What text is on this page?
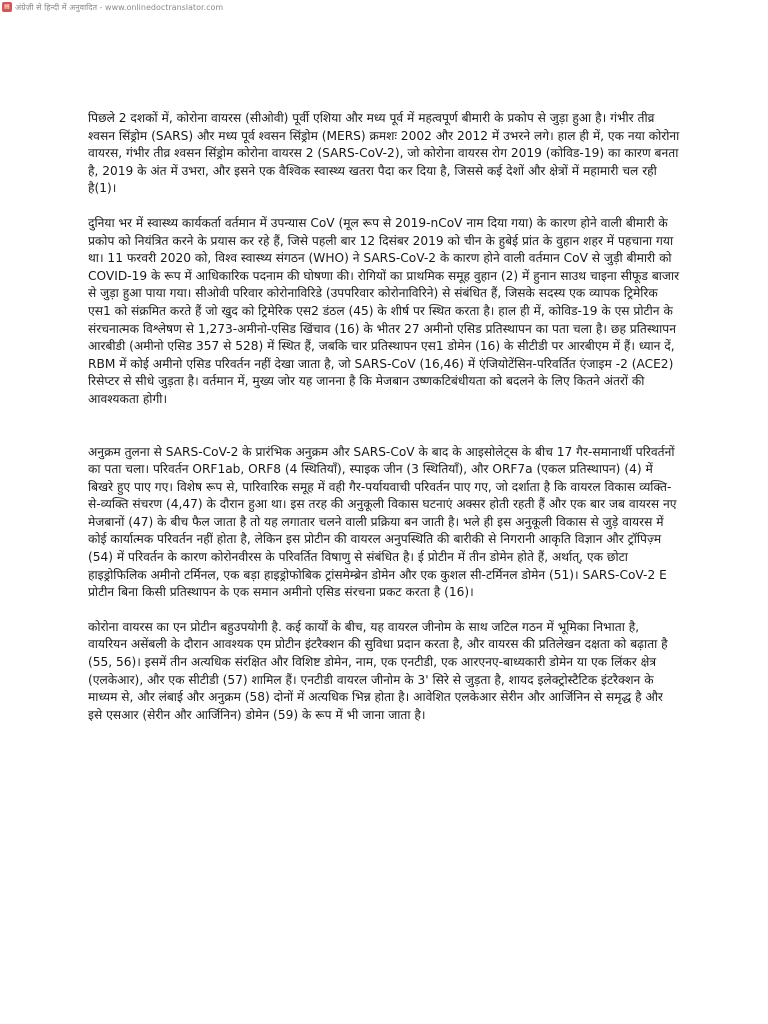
▤ अंग्रेज़ी से हिन्दी में अनुवादित - www.onlinedoctranslator.com

पिछले 2 दशकों में, कोरोना वायरस (सीओवी) पूर्वी एशिया और मध्य पूर्व में महत्वपूर्ण बीमारी के प्रकोप से जुड़ा हुआ है। गंभीर तीव्र श्वसन सिंड्रोम (SARS) और मध्य पूर्व श्वसन सिंड्रोम (MERS) क्रमशः 2002 और 2012 में उभरने लगे। हाल ही में, एक नया कोरोना वायरस, गंभीर तीव्र श्वसन सिंड्रोम कोरोना वायरस 2 (SARS-CoV-2), जो कोरोना वायरस रोग 2019 (कोविड-19) का कारण बनता है, 2019 के अंत में उभरा, और इसने एक वैश्विक स्वास्थ्य खतरा पैदा कर दिया है, जिससे कई देशों और क्षेत्रों में महामारी चल रही है(1)।

दुनिया भर में स्वास्थ्य कार्यकर्ता वर्तमान में उपन्यास CoV (मूल रूप से 2019-nCoV नाम दिया गया) के कारण होने वाली बीमारी के प्रकोप को नियंत्रित करने के प्रयास कर रहे हैं, जिसे पहली बार 12 दिसंबर 2019 को चीन के हुबेई प्रांत के वुहान शहर में पहचाना गया था। 11 फरवरी 2020 को, विश्व स्वास्थ्य संगठन (WHO) ने SARS-CoV-2 के कारण होने वाली वर्तमान CoV से जुड़ी बीमारी को COVID-19 के रूप में आधिकारिक पदनाम की घोषणा की। रोगियों का प्राथमिक समूह वुहान (2) में हुनान साउथ चाइना सीफूड बाजार से जुड़ा हुआ पाया गया। सीओवी परिवार कोरोनाविरिडे (उपपरिवार कोरोनाविरिने) से संबंधित हैं, जिसके सदस्य एक व्यापक ट्रिमेरिक एस1 को संक्रमित करते हैं जो खुद को ट्रिमेरिक एस2 डंठल (45) के शीर्ष पर स्थित करता है। हाल ही में, कोविड-19 के एस प्रोटीन के संरचनात्मक विश्लेषण से 1,273-अमीनो-एसिड खिंचाव (16) के भीतर 27 अमीनो एसिड प्रतिस्थापन का पता चला है। छह प्रतिस्थापन आरबीडी (अमीनो एसिड 357 से 528) में स्थित हैं, जबकि चार प्रतिस्थापन एस1 डोमेन (16) के सीटीडी पर आरबीएम में हैं। ध्यान दें, RBM में कोई अमीनो एसिड परिवर्तन नहीं देखा जाता है, जो SARS-CoV (16,46) में एंजियोटेंसिन-परिवर्तित एंजाइम -2 (ACE2) रिसेप्टर से सीधे जुड़ता है। वर्तमान में, मुख्य जोर यह जानना है कि मेजबान उष्णकटिबंधीयता को बदलने के लिए कितने अंतरों की आवश्यकता होगी।

अनुक्रम तुलना से SARS-CoV-2 के प्रारंभिक अनुक्रम और SARS-CoV के बाद के आइसोलेट्स के बीच 17 गैर-समानार्थी परिवर्तनों का पता चला। परिवर्तन ORF1ab, ORF8 (4 स्थितियाँ), स्पाइक जीन (3 स्थितियाँ), और ORF7a (एकल प्रतिस्थापन) (4) में बिखरे हुए पाए गए। विशेष रूप से, पारिवारिक समूह में वही गैर-पर्यायवाची परिवर्तन पाए गए, जो दर्शाता है कि वायरल विकास व्यक्ति-से-व्यक्ति संचरण (4,47) के दौरान हुआ था। इस तरह की अनुकूली विकास घटनाएं अक्सर होती रहती हैं और एक बार जब वायरस नए मेजबानों (47) के बीच फैल जाता है तो यह लगातार चलने वाली प्रक्रिया बन जाती है। भले ही इस अनुकूली विकास से जुड़े वायरस में कोई कार्यात्मक परिवर्तन नहीं होता है, लेकिन इस प्रोटीन की वायरल अनुपस्थिति की बारीकी से निगरानी आकृति विज्ञान और ट्रॉपिज़्म (54) में परिवर्तन के कारण कोरोनवीरस के परिवर्तित विषाणु से संबंधित है। ई प्रोटीन में तीन डोमेन होते हैं, अर्थात्, एक छोटा हाइड्रोफिलिक अमीनो टर्मिनल, एक बड़ा हाइड्रोफोबिक ट्रांसमेम्ब्रेन डोमेन और एक कुशल सी-टर्मिनल डोमेन (51)। SARS-CoV-2 E प्रोटीन बिना किसी प्रतिस्थापन के एक समान अमीनो एसिड संरचना प्रकट करता है (16)।

कोरोना वायरस का एन प्रोटीन बहुउपयोगी है. कई कार्यों के बीच, यह वायरल जीनोम के साथ जटिल गठन में भूमिका निभाता है, वायरियन असेंबली के दौरान आवश्यक एम प्रोटीन इंटरैक्शन की सुविधा प्रदान करता है, और वायरस की प्रतिलेखन दक्षता को बढ़ाता है (55, 56)। इसमें तीन अत्यधिक संरक्षित और विशिष्ट डोमेन, नाम, एक एनटीडी, एक आरएनए-बाध्यकारी डोमेन या एक लिंकर क्षेत्र (एलकेआर), और एक सीटीडी (57) शामिल हैं। एनटीडी वायरल जीनोम के 3' सिरे से जुड़ता है, शायद इलेक्ट्रोस्टैटिक इंटरैक्शन के माध्यम से, और लंबाई और अनुक्रम (58) दोनों में अत्यधिक भिन्न होता है। आवेशित एलकेआर सेरीन और आर्जिनिन से समृद्ध है और इसे एसआर (सेरीन और आर्जिनिन) डोमेन (59) के रूप में भी जाना जाता है।
